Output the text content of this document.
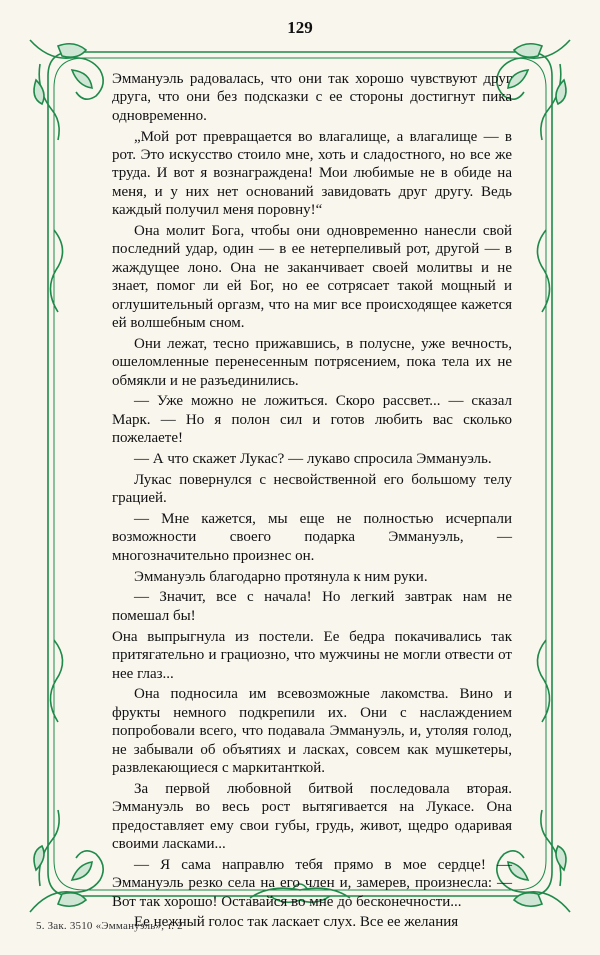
129

Эммануэль радовалась, что они так хорошо чувствуют друг друга, что они без подсказки с ее стороны достигнут пика одновременно.

„Мой рот превращается во влагалище, а влагалище — в рот. Это искусство стоило мне, хоть и сладостного, но все же труда. И вот я вознаграждена! Мои любимые не в обиде на меня, и у них нет оснований завидовать друг другу. Ведь каждый получил меня поровну!“

Она молит Бога, чтобы они одновременно нанесли свой последний удар, один — в ее нетерпеливый рот, другой — в жаждущее лоно. Она не заканчивает своей молитвы и не знает, помог ли ей Бог, но ее сотрясает такой мощный и оглушительный оргазм, что на миг все происходящее кажется ей волшебным сном.

Они лежат, тесно прижавшись, в полусне, уже вечность, ошеломленные перенесенным потрясением, пока тела их не обмякли и не разъединились.

— Уже можно не ложиться. Скоро рассвет... — сказал Марк. — Но я полон сил и готов любить вас сколько пожелаете!

— А что скажет Лукас? — лукаво спросила Эммануэль.

Лукас повернулся с несвойственной его большому телу грацией.

— Мне кажется, мы еще не полностью исчерпали возможности своего подарка Эммануэль, — многозначительно произнес он.

Эммануэль благодарно протянула к ним руки.

— Значит, все с начала! Но легкий завтрак нам не помешал бы!

Она выпрыгнула из постели. Ее бедра покачивались так притягательно и грациозно, что мужчины не могли отвести от нее глаз...

Она подносила им всевозможные лакомства. Вино и фрукты немного подкрепили их. Они с наслаждением попробовали всего, что подавала Эммануэль, и, утоляя голод, не забывали об объятиях и ласках, совсем как мушкетеры, развлекающиеся с маркитанткой.

За первой любовной битвой последовала вторая. Эммануэль во весь рост вытягивается на Лукасе. Она предоставляет ему свои губы, грудь, живот, щедро одаривая своими ласками...

— Я сама направлю тебя прямо в мое сердце! — Эммануэль резко села на его член и, замерев, произнесла: — Вот так хорошо! Оставайся во мне до бесконечности...

Ее нежный голос так ласкает слух. Все ее желания

5. Зак. 3510 «Эммануэль», т. 2
